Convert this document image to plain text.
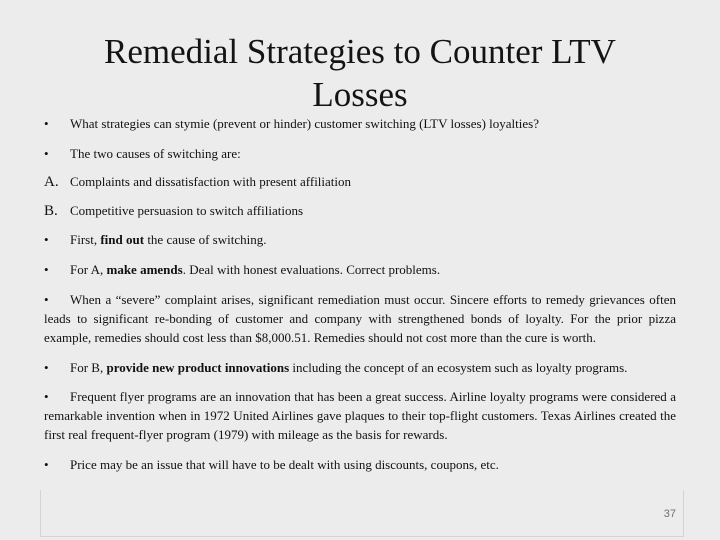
Remedial Strategies to Counter LTV Losses
• What strategies can stymie (prevent or hinder) customer switching (LTV losses) loyalties?
• The two causes of switching are:
A. Complaints and dissatisfaction with present affiliation
B. Competitive persuasion to switch affiliations
• First, find out the cause of switching.
• For A, make amends. Deal with honest evaluations. Correct problems.
• When a “severe” complaint arises, significant remediation must occur. Sincere efforts to remedy grievances often leads to significant re-bonding of customer and company with strengthened bonds of loyalty. For the prior pizza example, remedies should cost less than $8,000.51. Remedies should not cost more than the cure is worth.
• For B, provide new product innovations including the concept of an ecosystem such as loyalty programs.
• Frequent flyer programs are an innovation that has been a great success. Airline loyalty programs were considered a remarkable invention when in 1972 United Airlines gave plaques to their top-flight customers. Texas Airlines created the first real frequent-flyer program (1979) with mileage as the basis for rewards.
• Price may be an issue that will have to be dealt with using discounts, coupons, etc.
37
